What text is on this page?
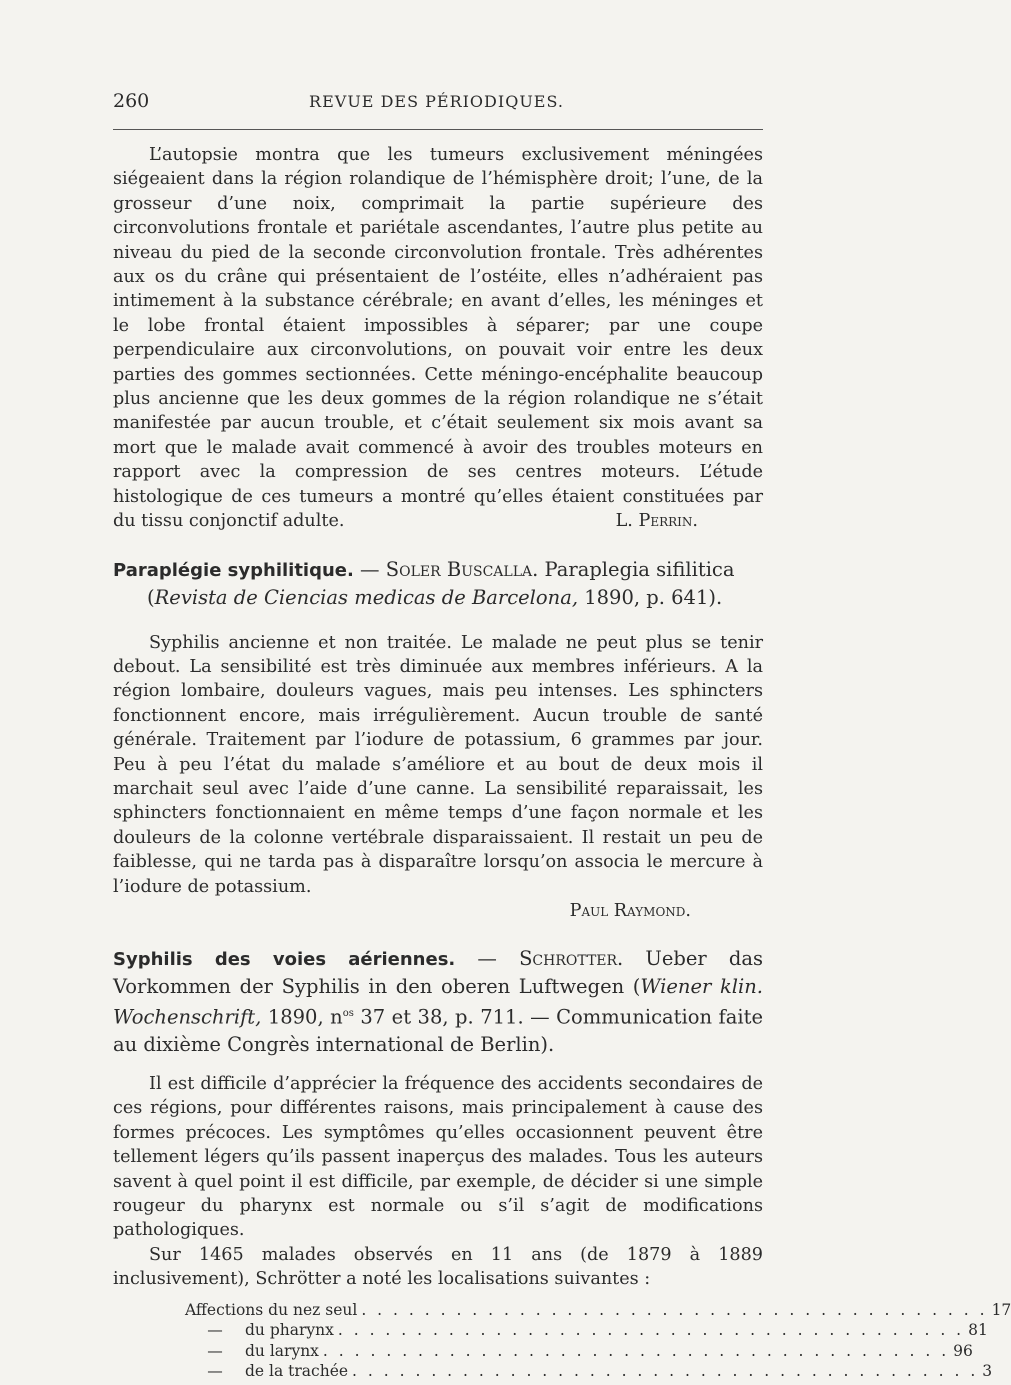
260	REVUE DES PÉRIODIQUES.

L’autopsie montra que les tumeurs exclusivement méningées siégeaient dans la région rolandique de l’hémisphère droit; l’une, de la grosseur d’une noix, comprimait la partie supérieure des circonvolutions frontale et pariétale ascendantes, l’autre plus petite au niveau du pied de la seconde circonvolution frontale. Très adhérentes aux os du crâne qui présentaient de l’ostéite, elles n’adhéraient pas intimement à la substance cérébrale; en avant d’elles, les méninges et le lobe frontal étaient impossibles à séparer; par une coupe perpendiculaire aux circonvolutions, on pouvait voir entre les deux parties des gommes sectionnées. Cette méningo-encéphalite beaucoup plus ancienne que les deux gommes de la région rolandique ne s’était manifestée par aucun trouble, et c’était seulement six mois avant sa mort que le malade avait commencé à avoir des troubles moteurs en rapport avec la compression de ses centres moteurs. L’étude histologique de ces tumeurs a montré qu’elles étaient constituées par du tissu conjonctif adulte.	L. Perrin.

Paraplégie syphilitique. — Soler Buscalla. Paraplegia sifilitica
(Revista de Ciencias medicas de Barcelona, 1890, p. 641).

Syphilis ancienne et non traitée. Le malade ne peut plus se tenir debout. La sensibilité est très diminuée aux membres inférieurs. A la région lombaire, douleurs vagues, mais peu intenses. Les sphincters fonctionnent encore, mais irrégulièrement. Aucun trouble de santé générale. Traitement par l’iodure de potassium, 6 grammes par jour. Peu à peu l’état du malade s’améliore et au bout de deux mois il marchait seul avec l’aide d’une canne. La sensibilité reparaissait, les sphincters fonctionnaient en même temps d’une façon normale et les douleurs de la colonne vertébrale disparaissaient. Il restait un peu de faiblesse, qui ne tarda pas à disparaître lorsqu’on associa le mercure à l’iodure de potassium.

Paul Raymond.

Syphilis des voies aériennes. — Schrotter. Ueber das Vorkommen der Syphilis in den oberen Luftwegen (Wiener klin. Wochenschrift, 1890, $n^{os}$ 37 et 38, p. 711. — Communication faite au dixième Congrès international de Berlin).

Il est difficile d’apprécier la fréquence des accidents secondaires de ces régions, pour différentes raisons, mais principalement à cause des formes précoces. Les symptômes qu’elles occasionnent peuvent être tellement légers qu’ils passent inaperçus des malades. Tous les auteurs savent à quel point il est difficile, par exemple, de décider si une simple rougeur du pharynx est normale ou s’il s’agit de modifications pathologiques.

Sur 1465 malades observés en 11 ans (de 1879 à 1889 inclusivement), Schrötter a noté les localisations suivantes :

Affections du nez seul . . . . . . . . . . . . . . . . . . . . . . . . . . . . . . . . . . . . . . . . 17
— du pharynx . . . . . . . . . . . . . . . . . . . . . . . . . . . . . . . . . . . . . . . . 81
— du larynx . . . . . . . . . . . . . . . . . . . . . . . . . . . . . . . . . . . . . . . . 96
— de la trachée . . . . . . . . . . . . . . . . . . . . . . . . . . . . . . . . . . . . . . . . 3
